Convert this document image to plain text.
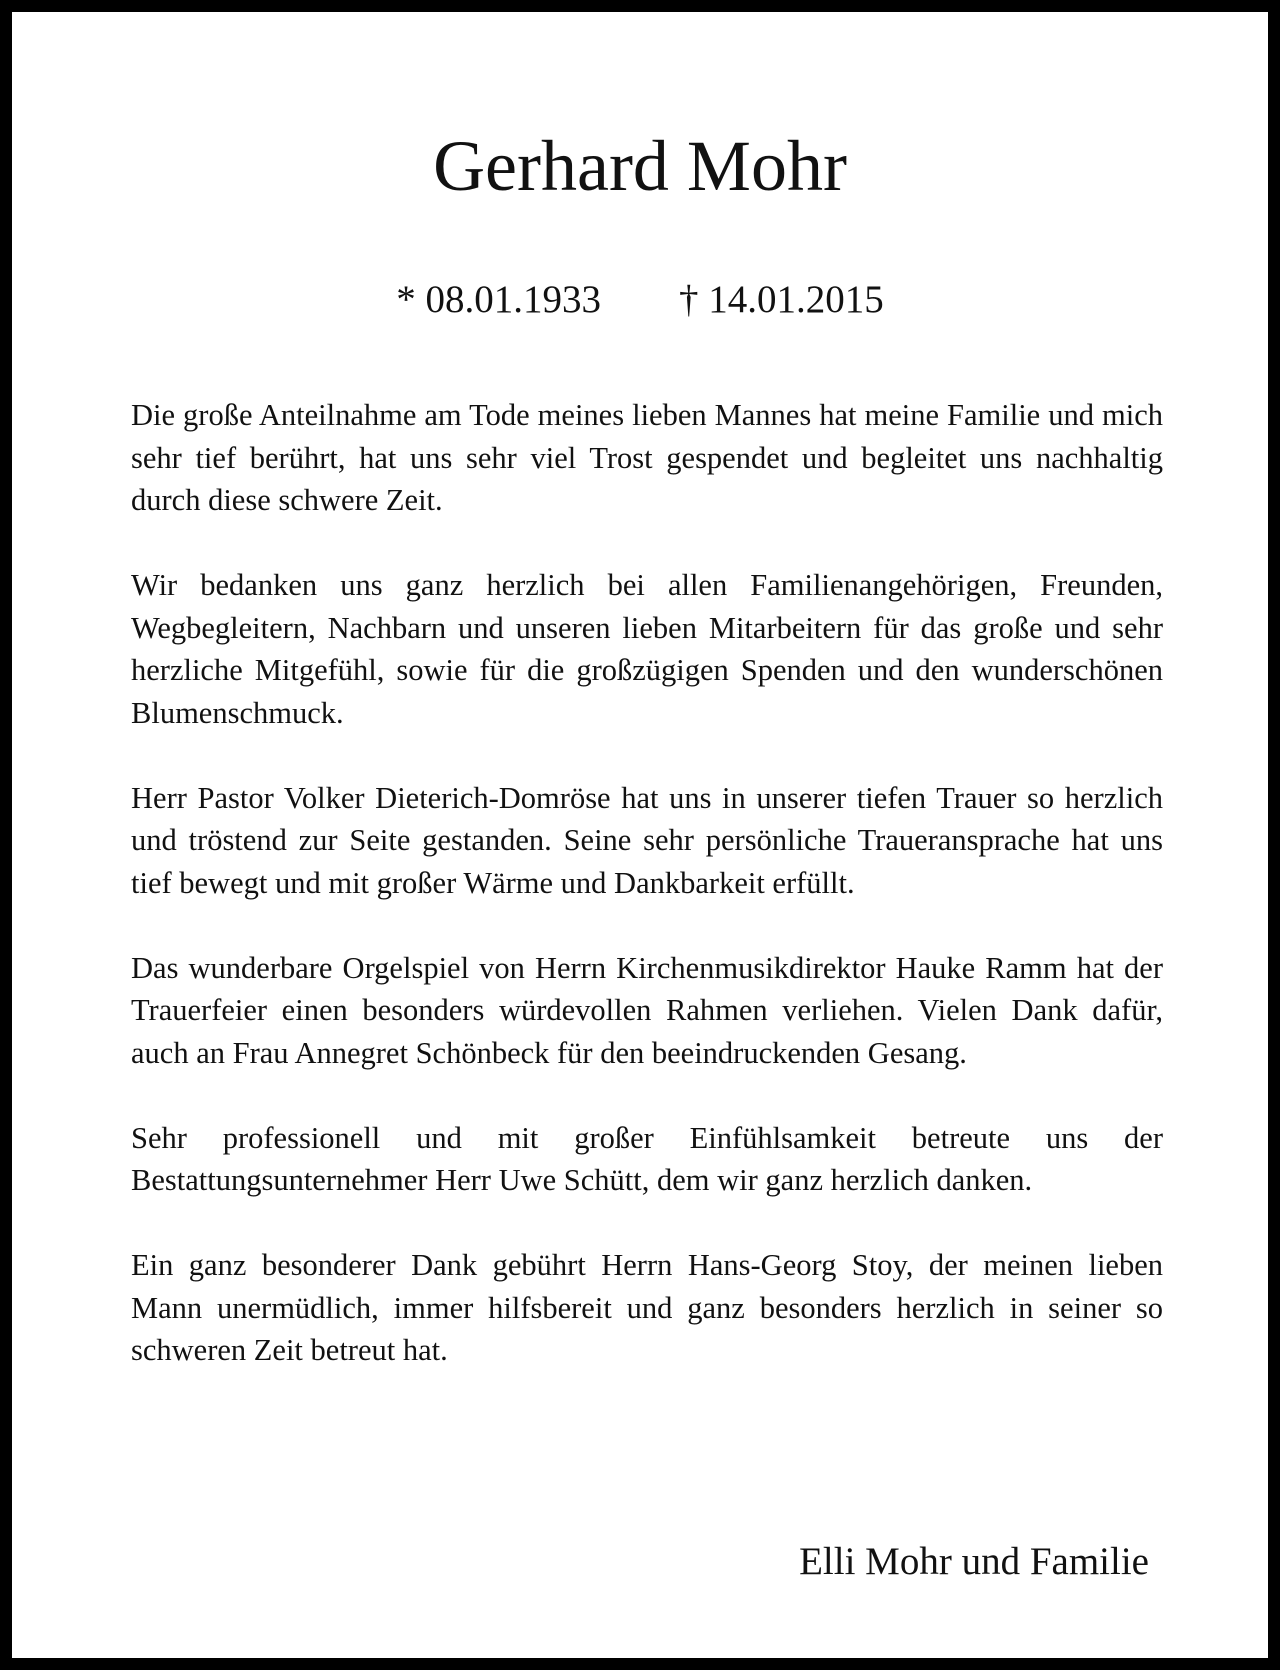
Gerhard Mohr
* 08.01.1933 † 14.01.2015

Die große Anteilnahme am Tode meines lieben Mannes hat meine Familie und mich sehr tief berührt, hat uns sehr viel Trost gespendet und begleitet uns nachhaltig durch diese schwere Zeit.

Wir bedanken uns ganz herzlich bei allen Familienangehörigen, Freunden, Wegbegleitern, Nachbarn und unseren lieben Mitarbeitern für das große und sehr herzliche Mitgefühl, sowie für die großzügigen Spenden und den wunderschönen Blumenschmuck.

Herr Pastor Volker Dieterich-Domröse hat uns in unserer tiefen Trauer so herzlich und tröstend zur Seite gestanden. Seine sehr persönliche Traueransprache hat uns tief bewegt und mit großer Wärme und Dankbarkeit erfüllt.

Das wunderbare Orgelspiel von Herrn Kirchenmusikdirektor Hauke Ramm hat der Trauerfeier einen besonders würdevollen Rahmen verliehen. Vielen Dank dafür, auch an Frau Annegret Schönbeck für den beeindruckenden Gesang.

Sehr professionell und mit großer Einfühlsamkeit betreute uns der Bestattungsunternehmer Herr Uwe Schütt, dem wir ganz herzlich danken.

Ein ganz besonderer Dank gebührt Herrn Hans-Georg Stoy, der meinen lieben Mann unermüdlich, immer hilfsbereit und ganz besonders herzlich in seiner so schweren Zeit betreut hat.

Elli Mohr und Familie
